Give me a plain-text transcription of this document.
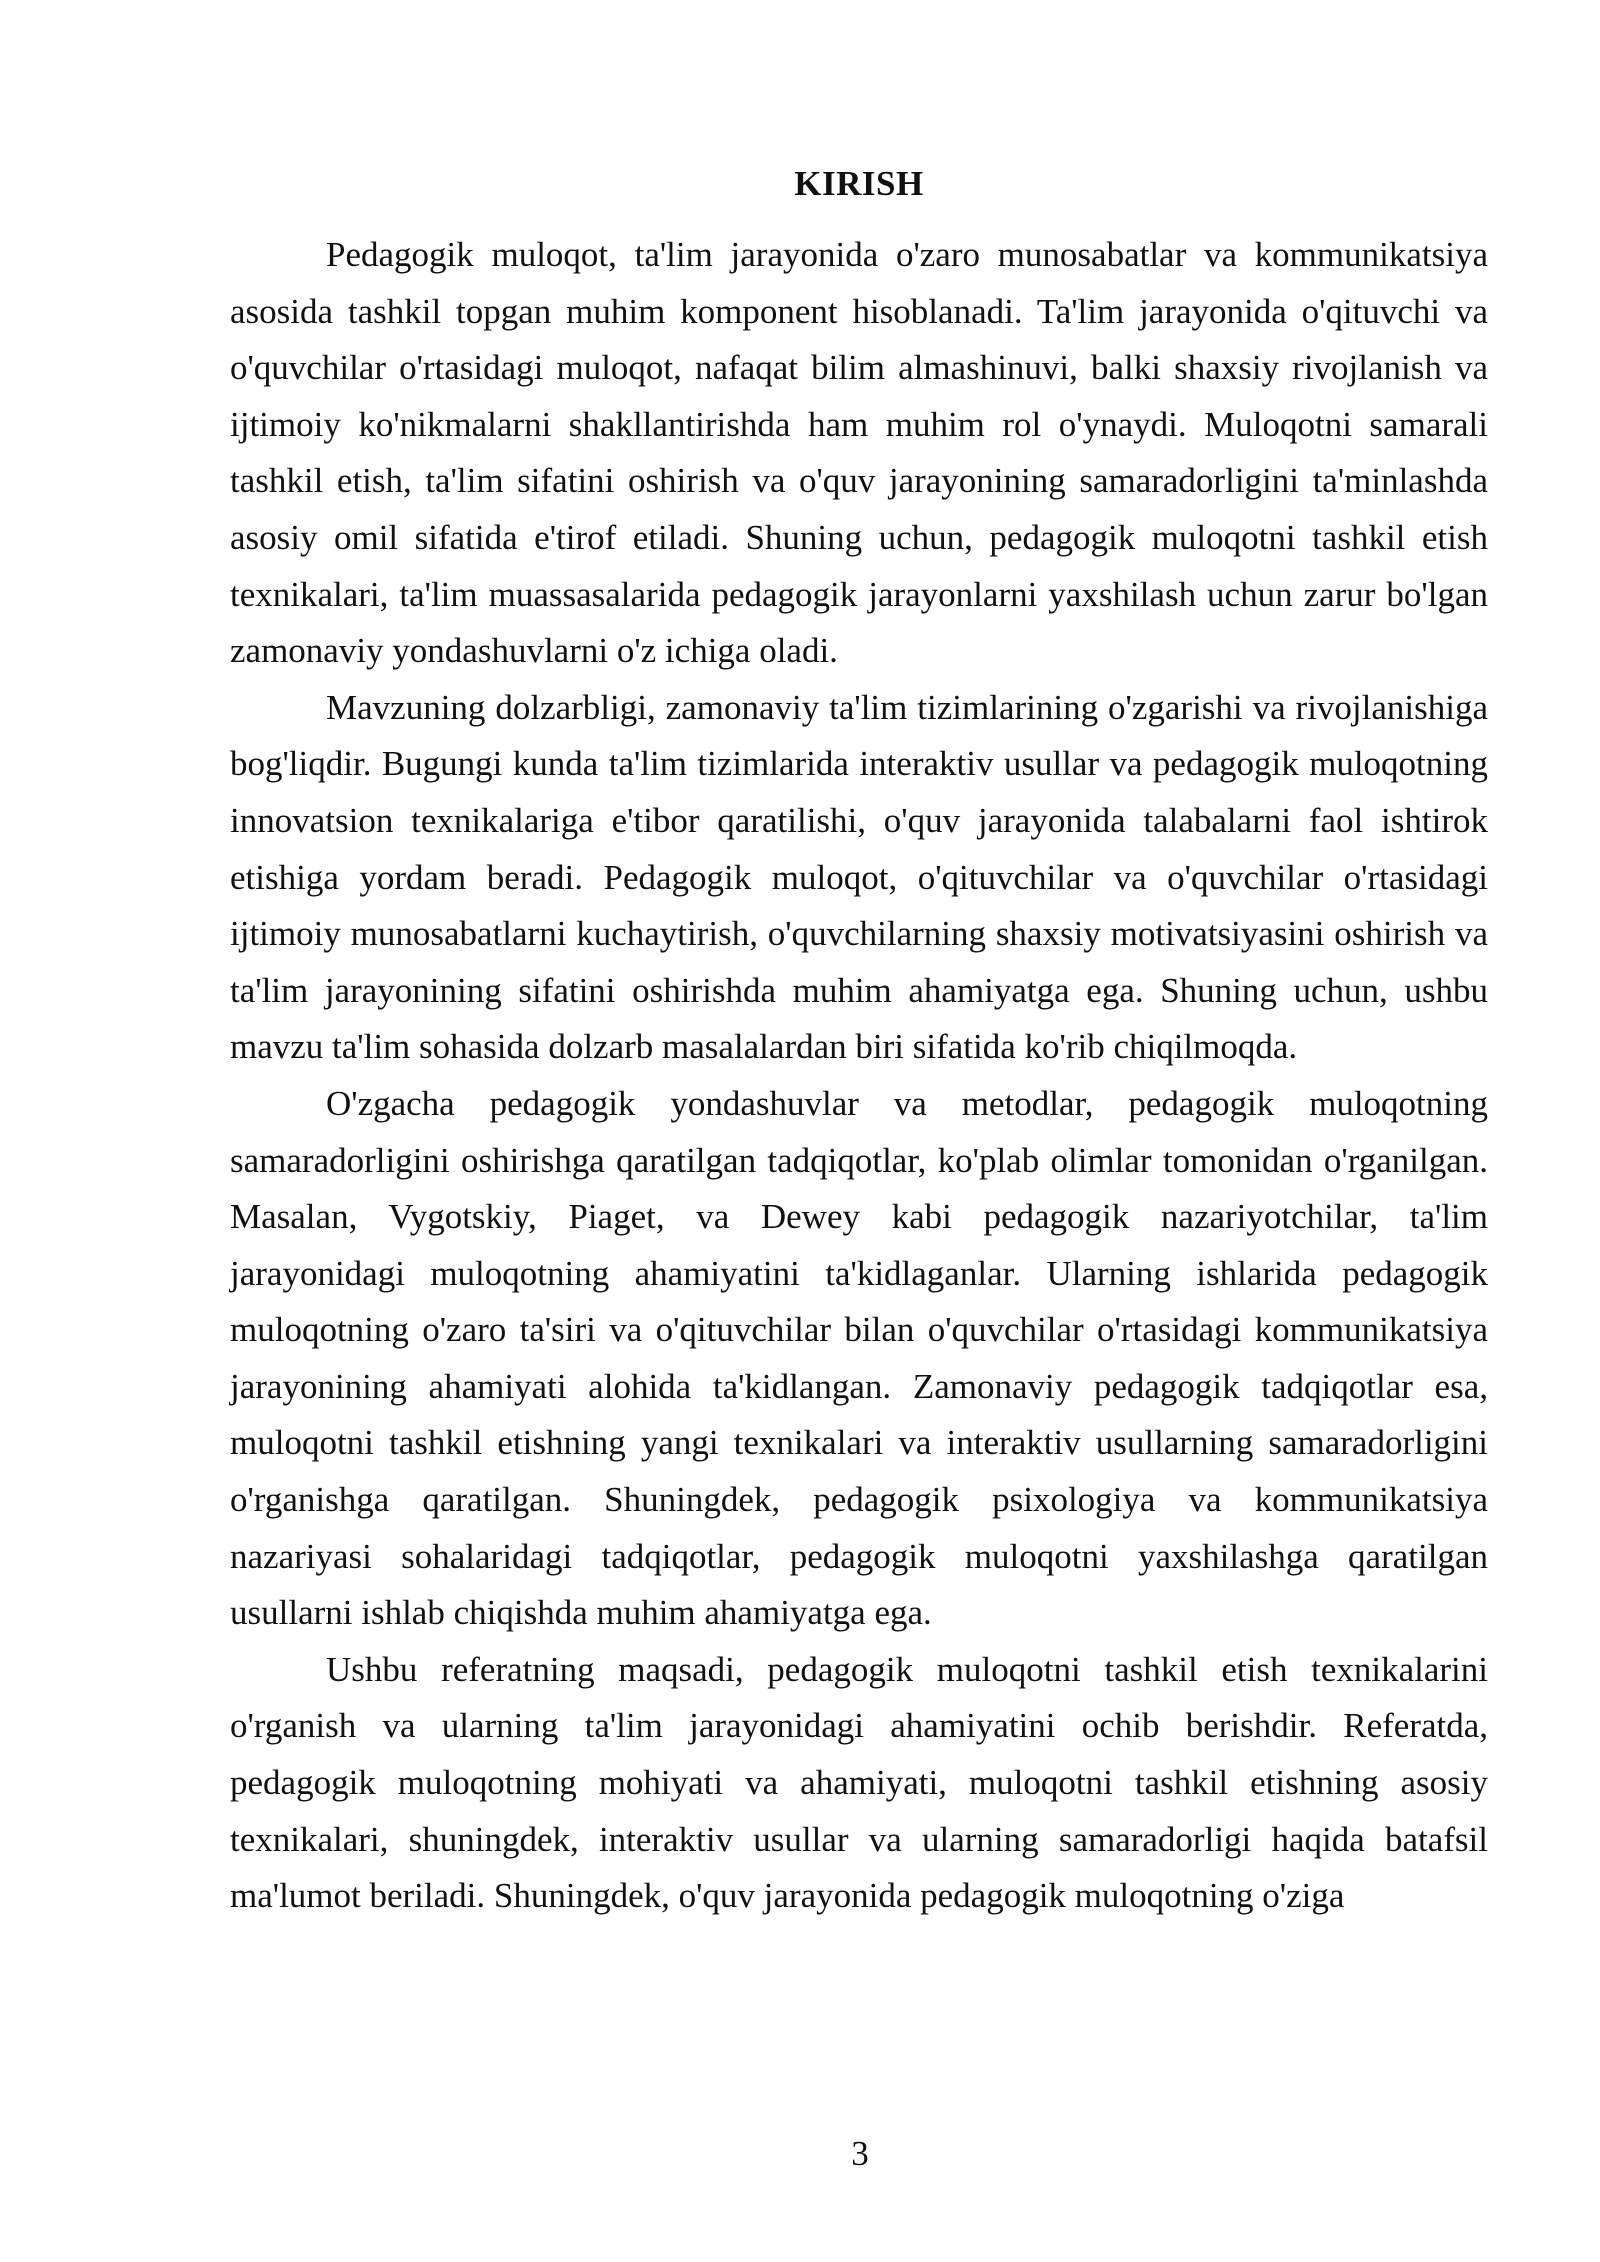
KIRISH

Pedagogik muloqot, ta'lim jarayonida o'zaro munosabatlar va kommunikatsiya asosida tashkil topgan muhim komponent hisoblanadi. Ta'lim jarayonida o'qituvchi va o'quvchilar o'rtasidagi muloqot, nafaqat bilim almashinuvi, balki shaxsiy rivojlanish va ijtimoiy ko'nikmalarni shakllantirishda ham muhim rol o'ynaydi. Muloqotni samarali tashkil etish, ta'lim sifatini oshirish va o'quv jarayonining samaradorligini ta'minlashda asosiy omil sifatida e'tirof etiladi. Shuning uchun, pedagogik muloqotni tashkil etish texnikalari, ta'lim muassasalarida pedagogik jarayonlarni yaxshilash uchun zarur bo'lgan zamonaviy yondashuvlarni o'z ichiga oladi.

Mavzuning dolzarbligi, zamonaviy ta'lim tizimlarining o'zgarishi va rivojlanishiga bog'liqdir. Bugungi kunda ta'lim tizimlarida interaktiv usullar va pedagogik muloqotning innovatsion texnikalariga e'tibor qaratilishi, o'quv jarayonida talabalarni faol ishtirok etishiga yordam beradi. Pedagogik muloqot, o'qituvchilar va o'quvchilar o'rtasidagi ijtimoiy munosabatlarni kuchaytirish, o'quvchilarning shaxsiy motivatsiyasini oshirish va ta'lim jarayonining sifatini oshirishda muhim ahamiyatga ega. Shuning uchun, ushbu mavzu ta'lim sohasida dolzarb masalalardan biri sifatida ko'rib chiqilmoqda.

O'zgacha pedagogik yondashuvlar va metodlar, pedagogik muloqotning samaradorligini oshirishga qaratilgan tadqiqotlar, ko'plab olimlar tomonidan o'rganilgan. Masalan, Vygotskiy, Piaget, va Dewey kabi pedagogik nazariyotchilar, ta'lim jarayonidagi muloqotning ahamiyatini ta'kidlaganlar. Ularning ishlarida pedagogik muloqotning o'zaro ta'siri va o'qituvchilar bilan o'quvchilar o'rtasidagi kommunikatsiya jarayonining ahamiyati alohida ta'kidlangan. Zamonaviy pedagogik tadqiqotlar esa, muloqotni tashkil etishning yangi texnikalari va interaktiv usullarning samaradorligini o'rganishga qaratilgan. Shuningdek, pedagogik psixologiya va kommunikatsiya nazariyasi sohalaridagi tadqiqotlar, pedagogik muloqotni yaxshilashga qaratilgan usullarni ishlab chiqishda muhim ahamiyatga ega.

Ushbu referatning maqsadi, pedagogik muloqotni tashkil etish texnikalarini o'rganish va ularning ta'lim jarayonidagi ahamiyatini ochib berishdir. Referatda, pedagogik muloqotning mohiyati va ahamiyati, muloqotni tashkil etishning asosiy texnikalari, shuningdek, interaktiv usullar va ularning samaradorligi haqida batafsil ma'lumot beriladi. Shuningdek, o'quv jarayonida pedagogik muloqotning o'ziga

3
